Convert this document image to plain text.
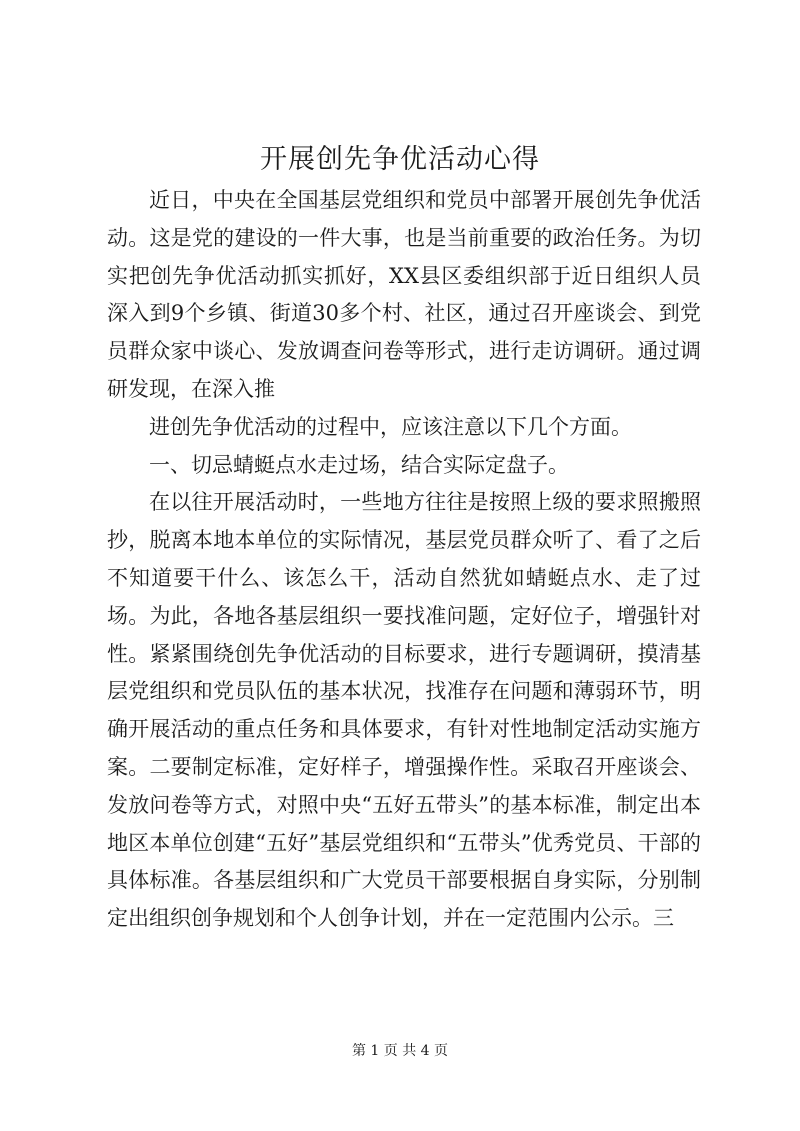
开展创先争优活动心得

近日，中央在全国基层党组织和党员中部署开展创先争优活动。这是党的建设的一件大事，也是当前重要的政治任务。为切实把创先争优活动抓实抓好，XX县区委组织部于近日组织人员深入到9个乡镇、街道30多个村、社区，通过召开座谈会、到党员群众家中谈心、发放调查问卷等形式，进行走访调研。通过调研发现，在深入推

进创先争优活动的过程中，应该注意以下几个方面。

一、切忌蜻蜓点水走过场，结合实际定盘子。

在以往开展活动时，一些地方往往是按照上级的要求照搬照抄，脱离本地本单位的实际情况，基层党员群众听了、看了之后不知道要干什么、该怎么干，活动自然犹如蜻蜓点水、走了过场。为此，各地各基层组织一要找准问题，定好位子，增强针对性。紧紧围绕创先争优活动的目标要求，进行专题调研，摸清基层党组织和党员队伍的基本状况，找准存在问题和薄弱环节，明确开展活动的重点任务和具体要求，有针对性地制定活动实施方案。二要制定标准，定好样子，增强操作性。采取召开座谈会、发放问卷等方式，对照中央“五好五带头”的基本标准，制定出本地区本单位创建“五好”基层党组织和“五带头”优秀党员、干部的具体标准。各基层组织和广大党员干部要根据自身实际，分别制定出组织创争规划和个人创争计划，并在一定范围内公示。三

第 1 页 共 4 页
